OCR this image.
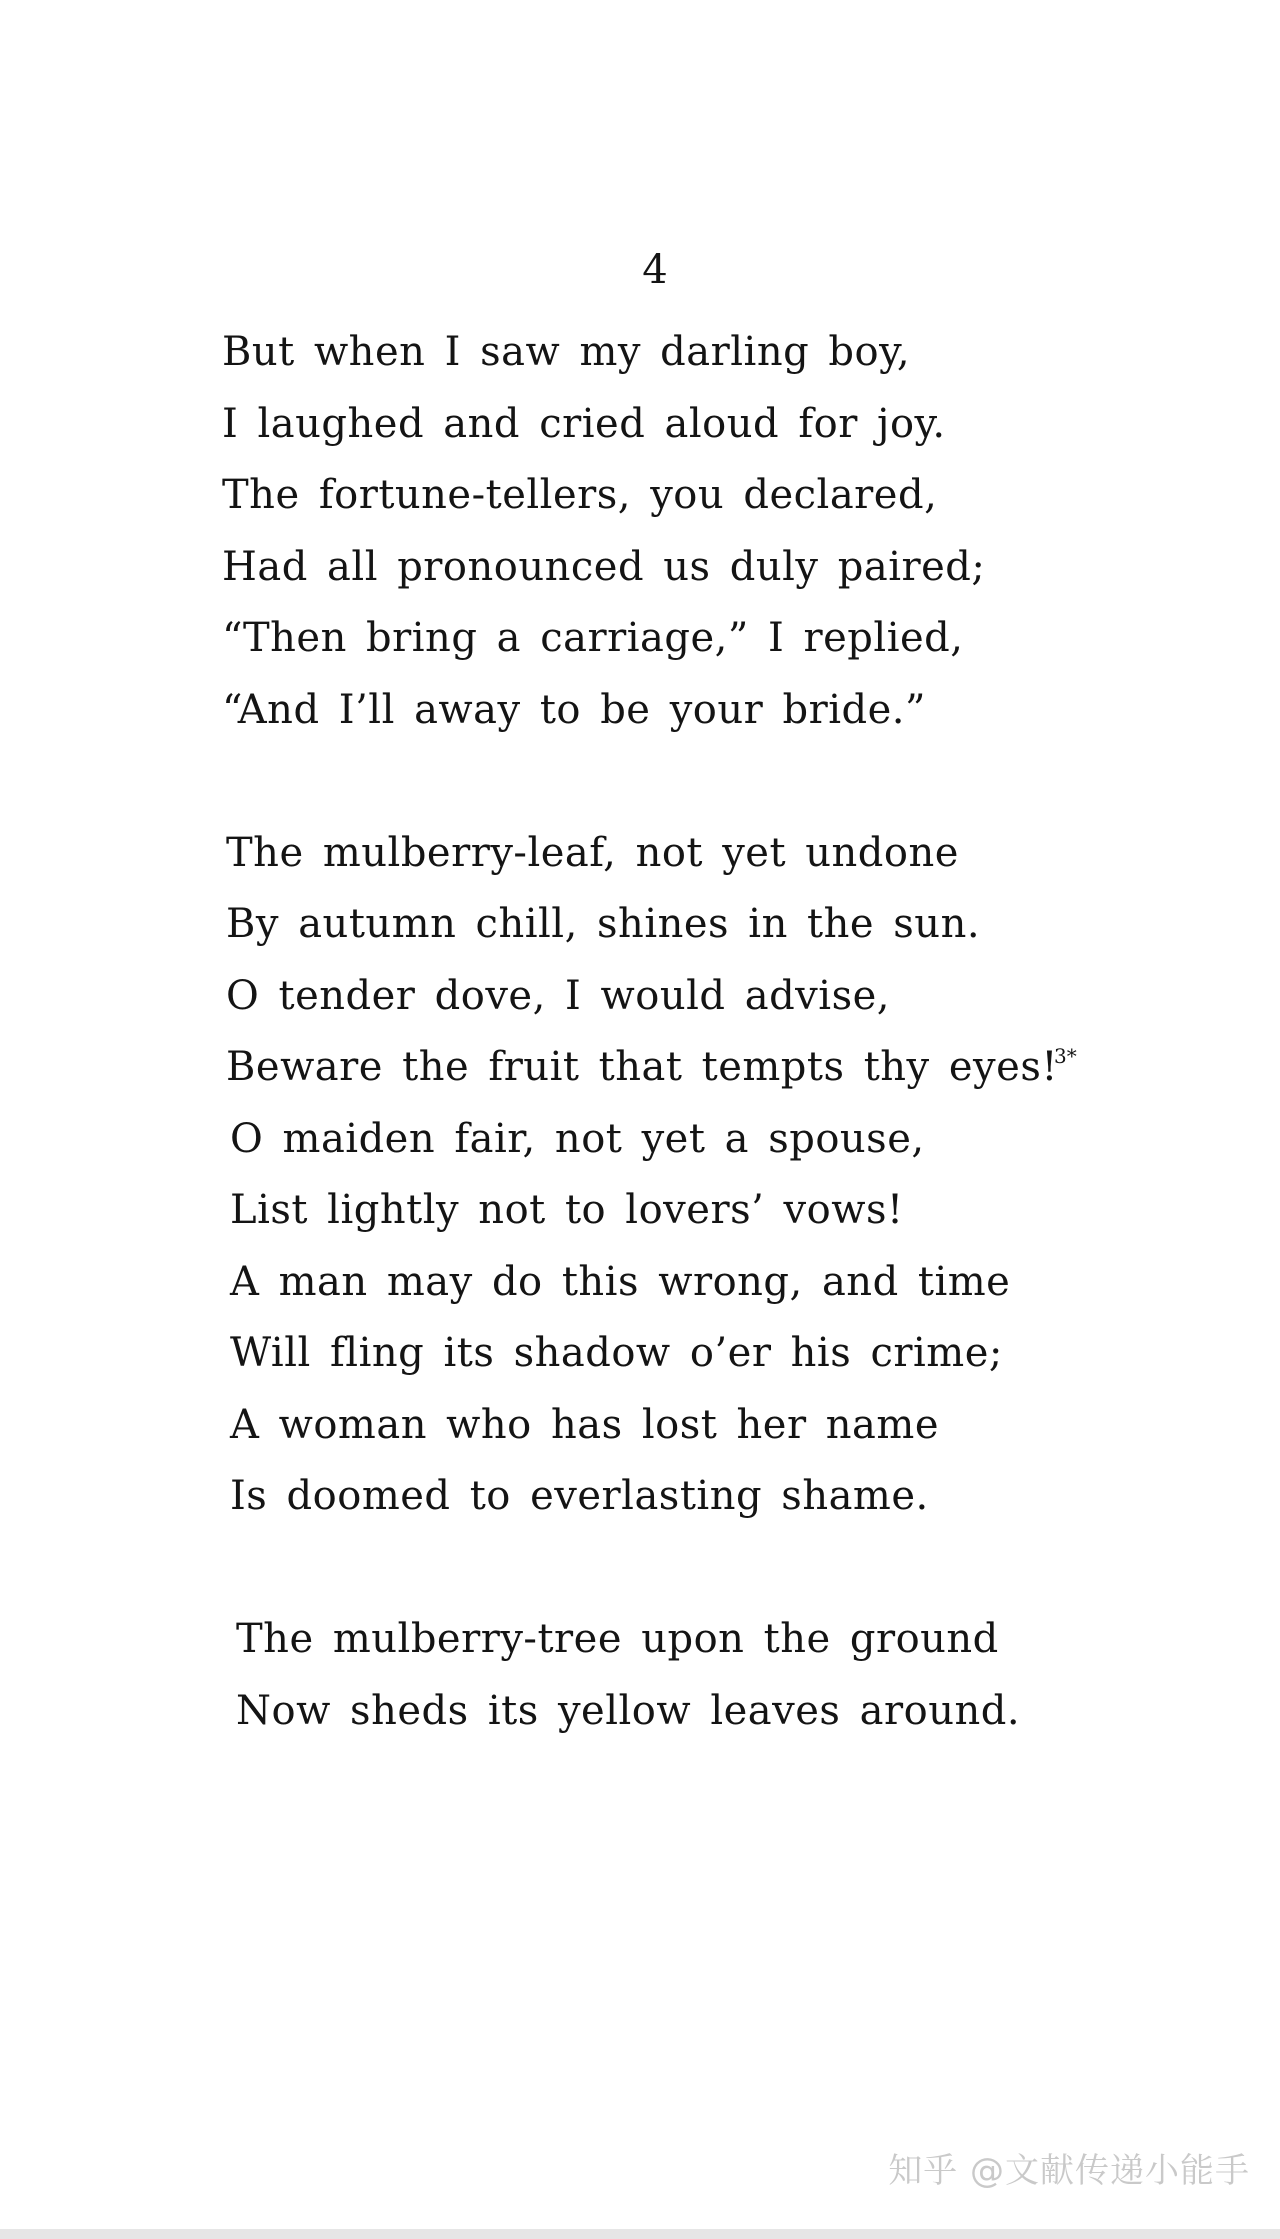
4
But when I saw my darling boy,
I laughed and cried aloud for joy.
The fortune-tellers, you declared,
Had all pronounced us duly paired;
“Then bring a carriage,” I replied,
“And I’ll away to be your bride.”
The mulberry-leaf, not yet undone
By autumn chill, shines in the sun.
O tender dove, I would advise,
Beware the fruit that tempts thy eyes!
3*
O maiden fair, not yet a spouse,
List lightly not to lovers’ vows!
A man may do this wrong, and time
Will fling its shadow o’er his crime;
A woman who has lost her name
Is doomed to everlasting shame.
The mulberry-tree upon the ground
Now sheds its yellow leaves around.
知乎 @文献传递小能手
